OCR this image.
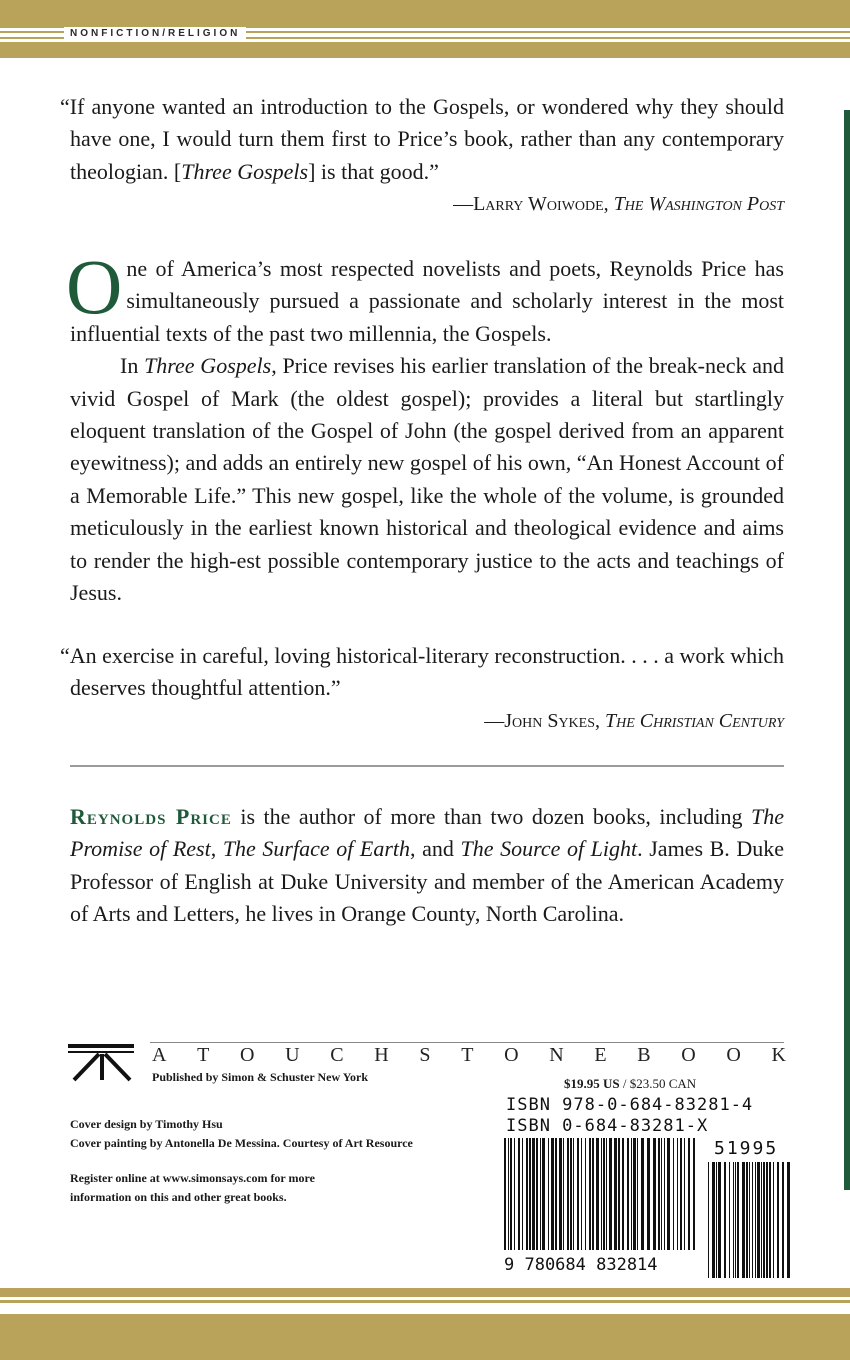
NONFICTION/RELIGION

“If anyone wanted an introduction to the Gospels, or wondered why they should have one, I would turn them first to Price’s book, rather than any contemporary theologian. [Three Gospels] is that good.”

—Larry Woiwode, The Washington Post

One of America’s most respected novelists and poets, Reynolds Price has simultaneously pursued a passionate and scholarly interest in the most influential texts of the past two millennia, the Gospels.

In Three Gospels, Price revises his earlier translation of the break-neck and vivid Gospel of Mark (the oldest gospel); provides a literal but startlingly eloquent translation of the Gospel of John (the gospel derived from an apparent eyewitness); and adds an entirely new gospel of his own, “An Honest Account of a Memorable Life.” This new gospel, like the whole of the volume, is grounded meticulously in the earliest known historical and theological evidence and aims to render the high-est possible contemporary justice to the acts and teachings of Jesus.

“An exercise in careful, loving historical-literary reconstruction. . . . a work which deserves thoughtful attention.”

—John Sykes, The Christian Century

Reynolds Price is the author of more than two dozen books, including The Promise of Rest, The Surface of Earth, and The Source of Light. James B. Duke Professor of English at Duke University and member of the American Academy of Arts and Letters, he lives in Orange County, North Carolina.

A T O U C H S T O N E B O O K
Published by Simon & Schuster New York	$19.95 US / $23.50 CAN
ISBN 978-0-684-83281-4
ISBN 0-684-83281-X
51995
9 780684 832814
Cover design by Timothy Hsu
Cover painting by Antonella De Messina. Courtesy of Art Resource
Register online at www.simonsays.com for more
information on this and other great books.
